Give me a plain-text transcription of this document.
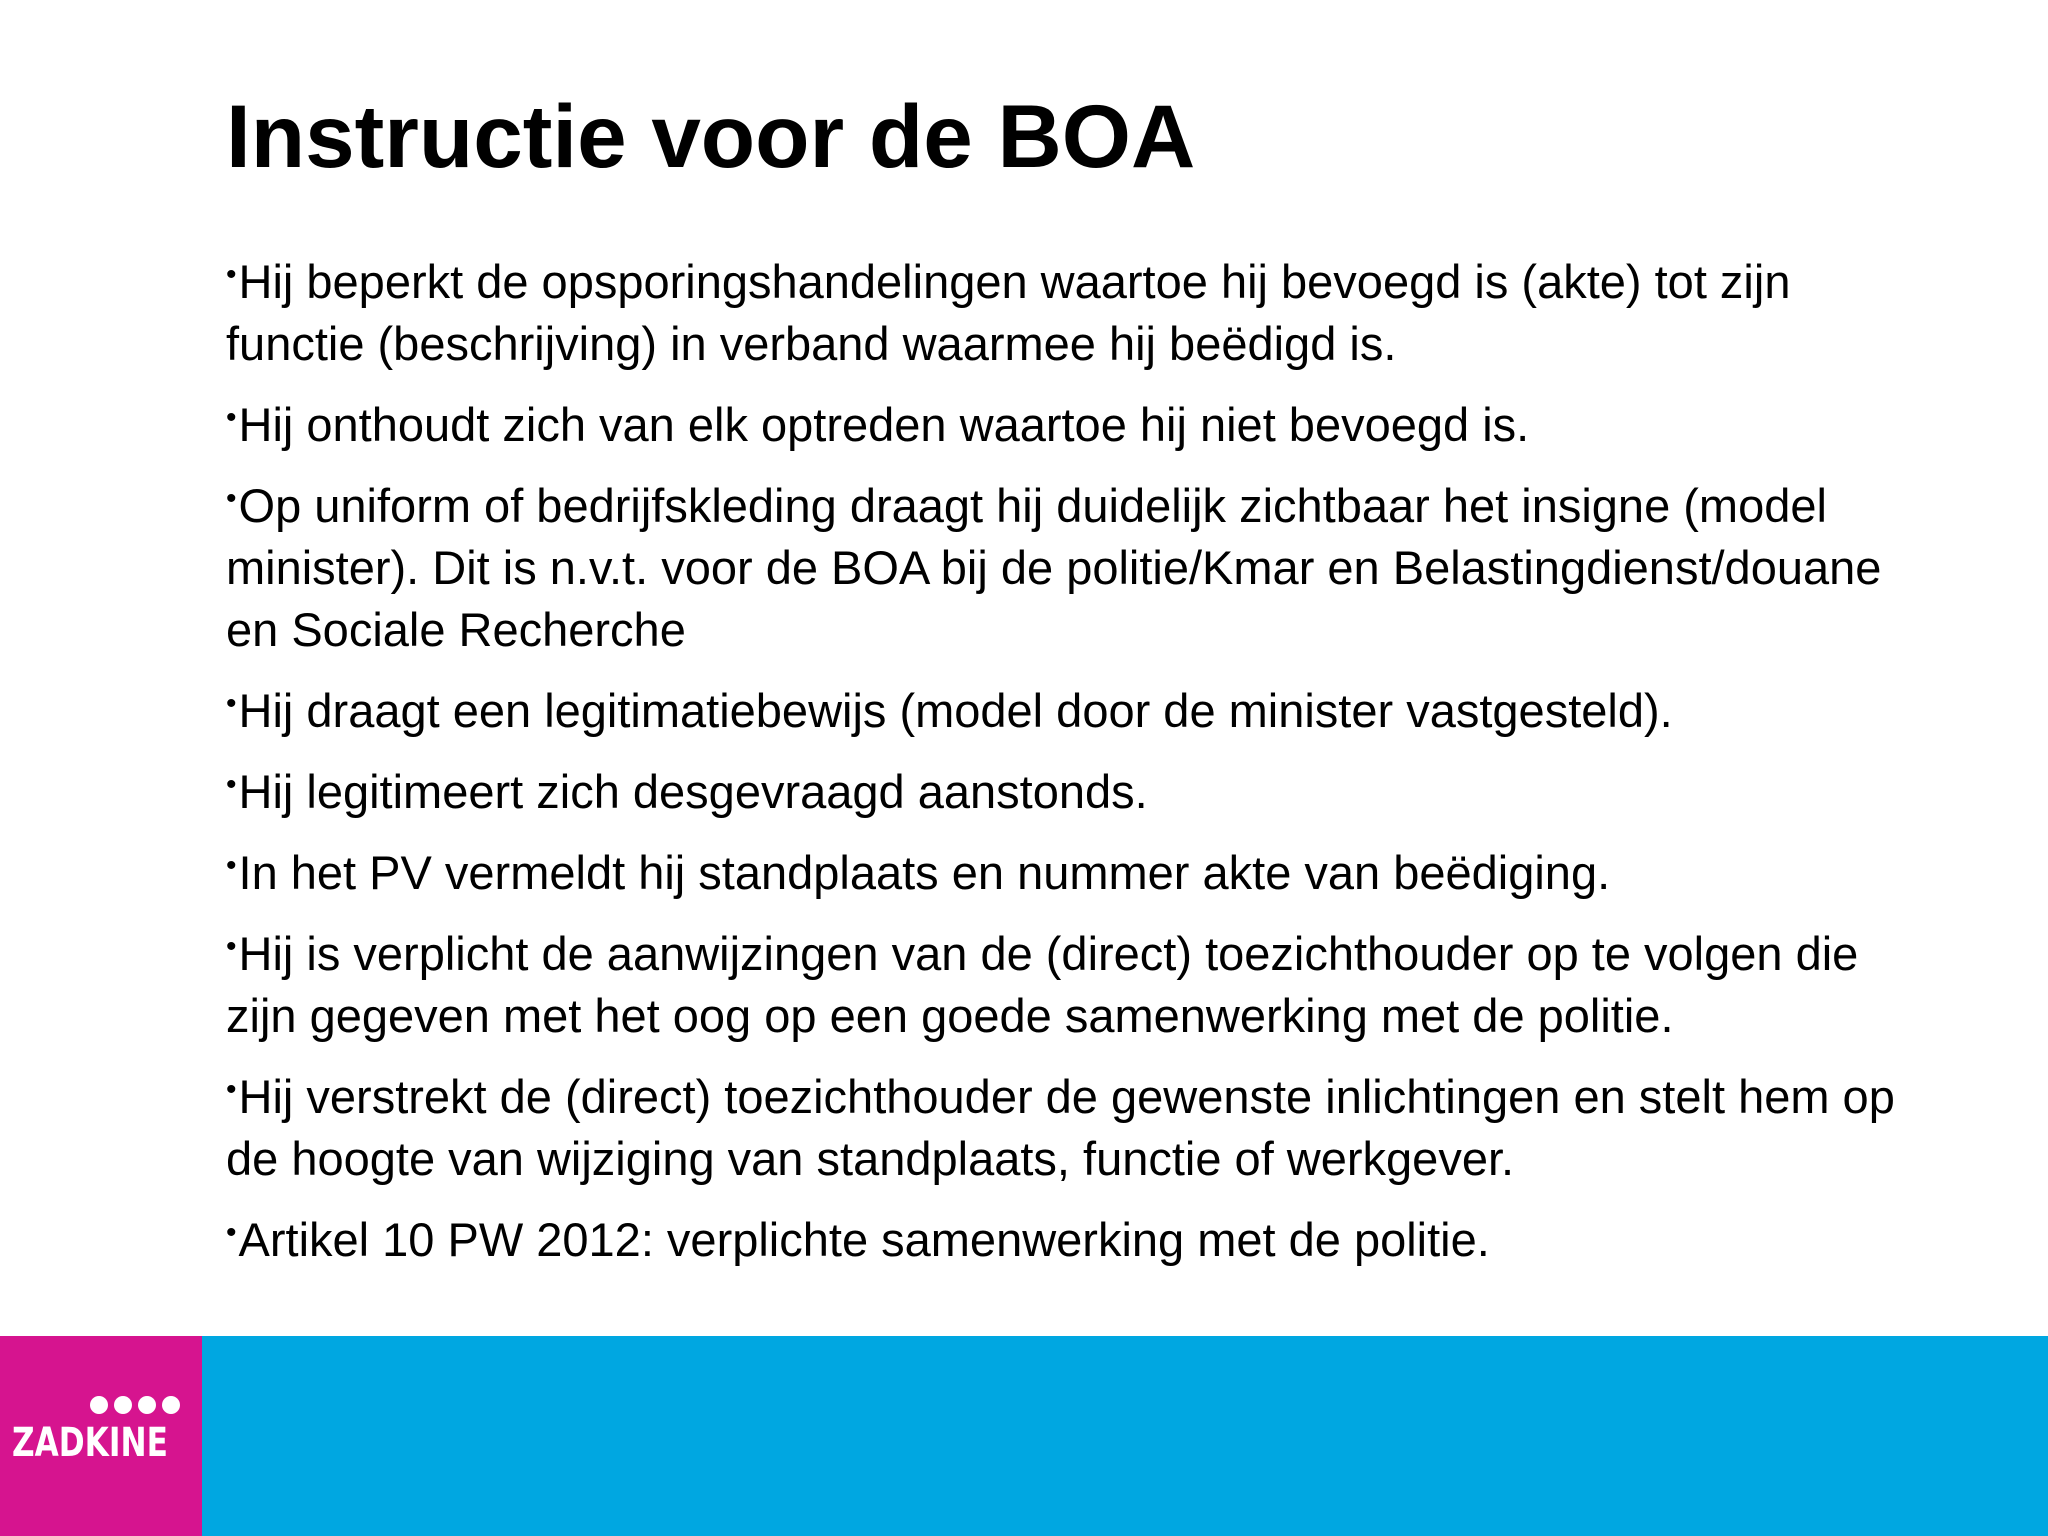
Instructie voor de BOA
•Hij beperkt de opsporingshandelingen waartoe hij bevoegd is (akte) tot zijn functie (beschrijving) in verband waarmee hij beëdigd is.
•Hij onthoudt zich van elk optreden waartoe hij niet bevoegd is.
•Op uniform of bedrijfskleding draagt hij duidelijk zichtbaar het insigne (model minister). Dit is n.v.t. voor de BOA bij de politie/Kmar en Belastingdienst/douane en Sociale Recherche
•Hij draagt een legitimatiebewijs (model door de minister vastgesteld).
•Hij legitimeert zich desgevraagd aanstonds.
•In het PV vermeldt hij standplaats en nummer akte van beëdiging.
•Hij is verplicht de aanwijzingen van de (direct) toezichthouder op te volgen die zijn gegeven met het oog op een goede samenwerking met de politie.
•Hij verstrekt de (direct) toezichthouder de gewenste inlichtingen en stelt hem op de hoogte van wijziging van standplaats, functie of werkgever.
•Artikel 10 PW 2012: verplichte samenwerking met de politie.
ZADKINE
